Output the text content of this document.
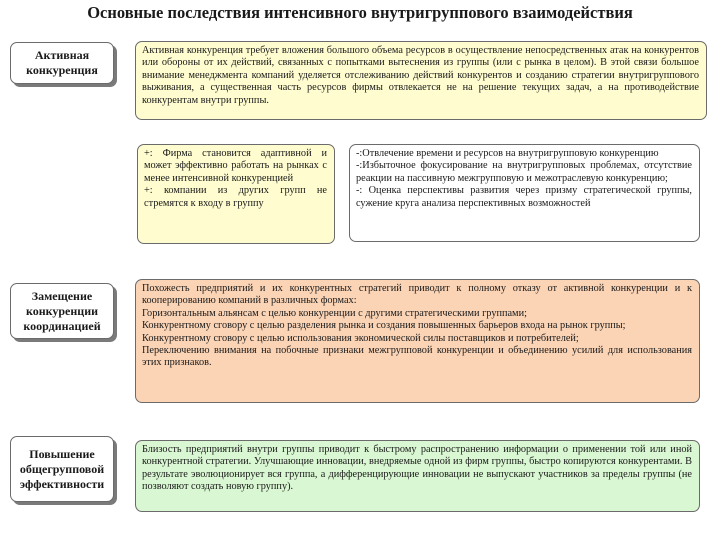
Основные последствия интенсивного внутригруппового взаимодействия
Активная конкуренция

Активная конкуренция требует вложения большого объема ресурсов в осуществление непосредственных атак на конкурентов или обороны от их действий, связанных с попытками вытеснения из группы (или с рынка в целом). В этой связи большое внимание менеджмента компаний уделяется отслеживанию действий конкурентов и созданию стратегии внутригруппового выживания, а существенная часть ресурсов фирмы отвлекается не на решение текущих задач, а на противодействие конкурентам внутри группы.

+: Фирма становится адаптивной и может эффективно работать на рынках с менее интенсивной конкуренцией

+: компании из других групп не стремятся к входу в группу

-:Отвлечение времени и ресурсов на внутригрупповую конкуренцию

-:Избыточное фокусирование на внутригрупповых проблемах, отсутствие реакции на пассивную межгрупповую и межотраслевую конкуренцию;

-: Оценка перспективы развития через призму стратегической группы, сужение круга анализа перспективных возможностей

Замещение конкуренции координацией

Похожесть предприятий и их конкурентных стратегий приводит к полному отказу от активной конкуренции и к кооперированию компаний в различных формах:

Горизонтальным альянсам с целью конкуренции с другими стратегическими группами;

Конкурентному сговору с целью разделения рынка и создания повышенных барьеров входа на рынок группы;

Конкурентному сговору с целью использования экономической силы поставщиков и потребителей;

Переключению внимания на побочные признаки межгрупповой конкуренции и объединению усилий для использования этих признаков.

Повышение общегрупповой эффективности

Близость предприятий внутри группы приводит к быстрому распространению информации о применении той или иной конкурентной стратегии. Улучшающие инновации, внедряемые одной из фирм группы, быстро копируются конкурентами. В результате эволюционирует вся группа, а дифференцирующие инновации не выпускают участников за пределы группы (не позволяют создать новую группу).
